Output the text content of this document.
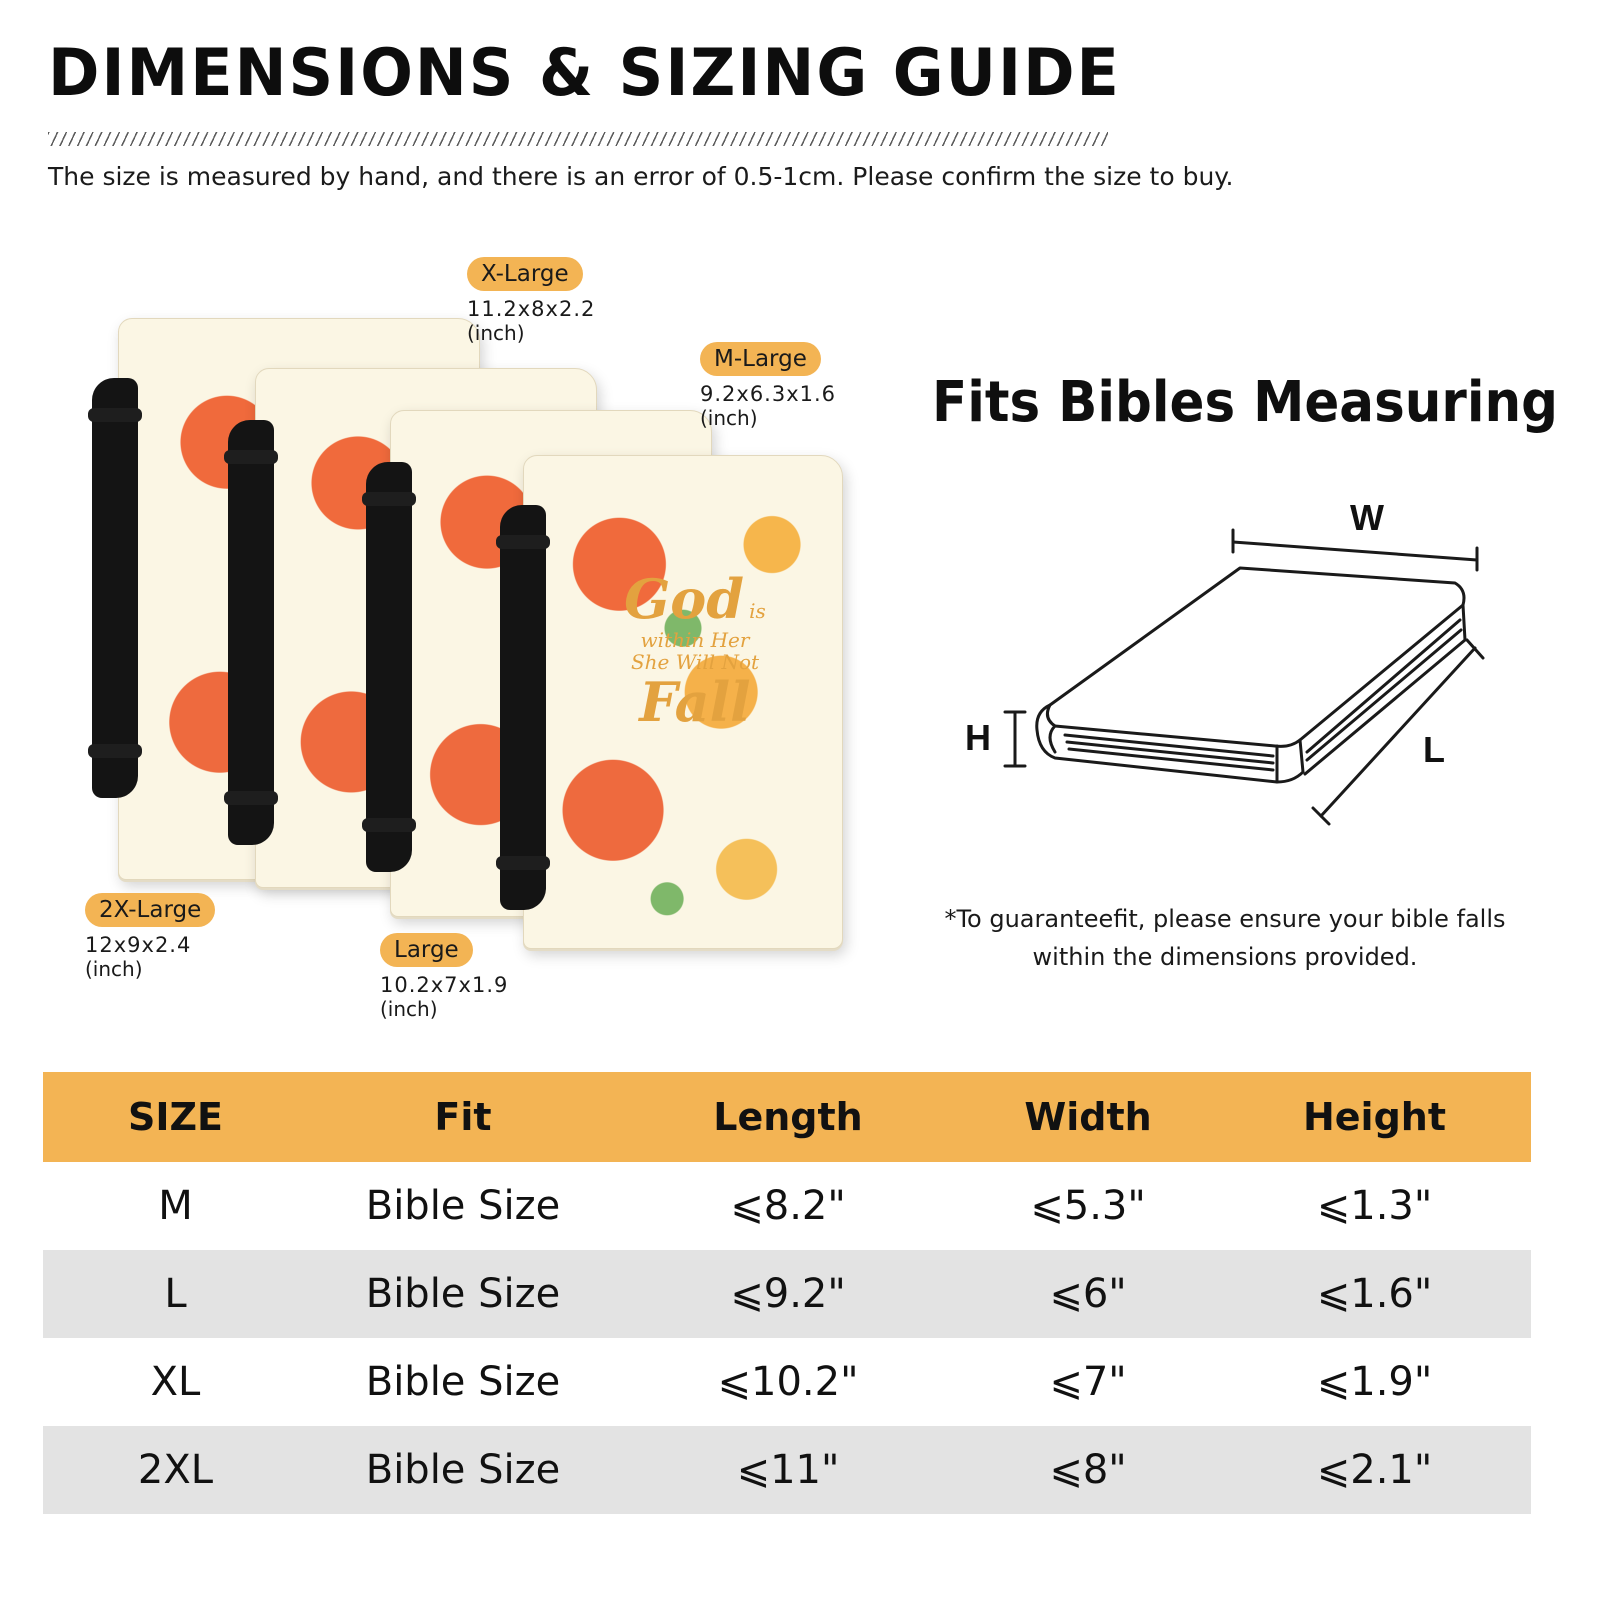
DIMENSIONS & SIZING GUIDE
The size is measured by hand, and there is an error of 0.5-1cm. Please confirm the size to buy.
God is
within Her
She Will Not
Fall
X-Large
11.2x8x2.2
(inch)
M-Large
9.2x6.3x1.6
(inch)
2X-Large
12x9x2.4
(inch)
Large
10.2x7x1.9
(inch)
Fits Bibles Measuring
W
H	L
*To guaranteefit, please ensure your bible falls
within the dimensions provided.
SIZE	Fit	Length	Width	Height
M	Bible Size	⩽8.2"	⩽5.3"	⩽1.3"
L	Bible Size	⩽9.2"	⩽6"	⩽1.6"
XL	Bible Size	⩽10.2"	⩽7"	⩽1.9"
2XL	Bible Size	⩽11"	⩽8"	⩽2.1"
